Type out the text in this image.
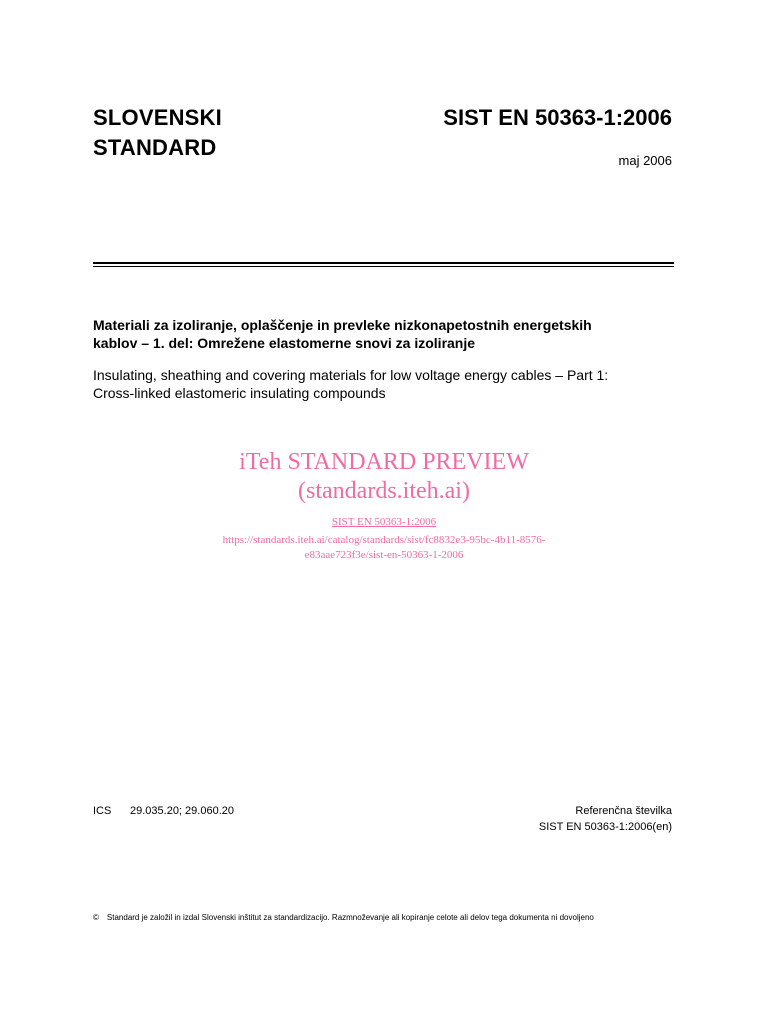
SLOVENSKI
STANDARD
SIST EN 50363-1:2006
maj 2006
Materiali za izoliranje, oplaščenje in prevleke nizkonapetostnih energetskih
kablov – 1. del: Omrežene elastomerne snovi za izoliranje
Insulating, sheathing and covering materials for low voltage energy cables – Part 1:
Cross-linked elastomeric insulating compounds
iTeh STANDARD PREVIEW
(standards.iteh.ai)
SIST EN 50363-1:2006
https://standards.iteh.ai/catalog/standards/sist/fc8832e3-95bc-4b11-8576-
e83aae723f3e/sist-en-50363-1-2006
ICS 29.035.20; 29.060.20	Referenčna številka
SIST EN 50363-1:2006(en)
© Standard je založil in izdal Slovenski inštitut za standardizacijo. Razmnoževanje ali kopiranje celote ali delov tega dokumenta ni dovoljeno
